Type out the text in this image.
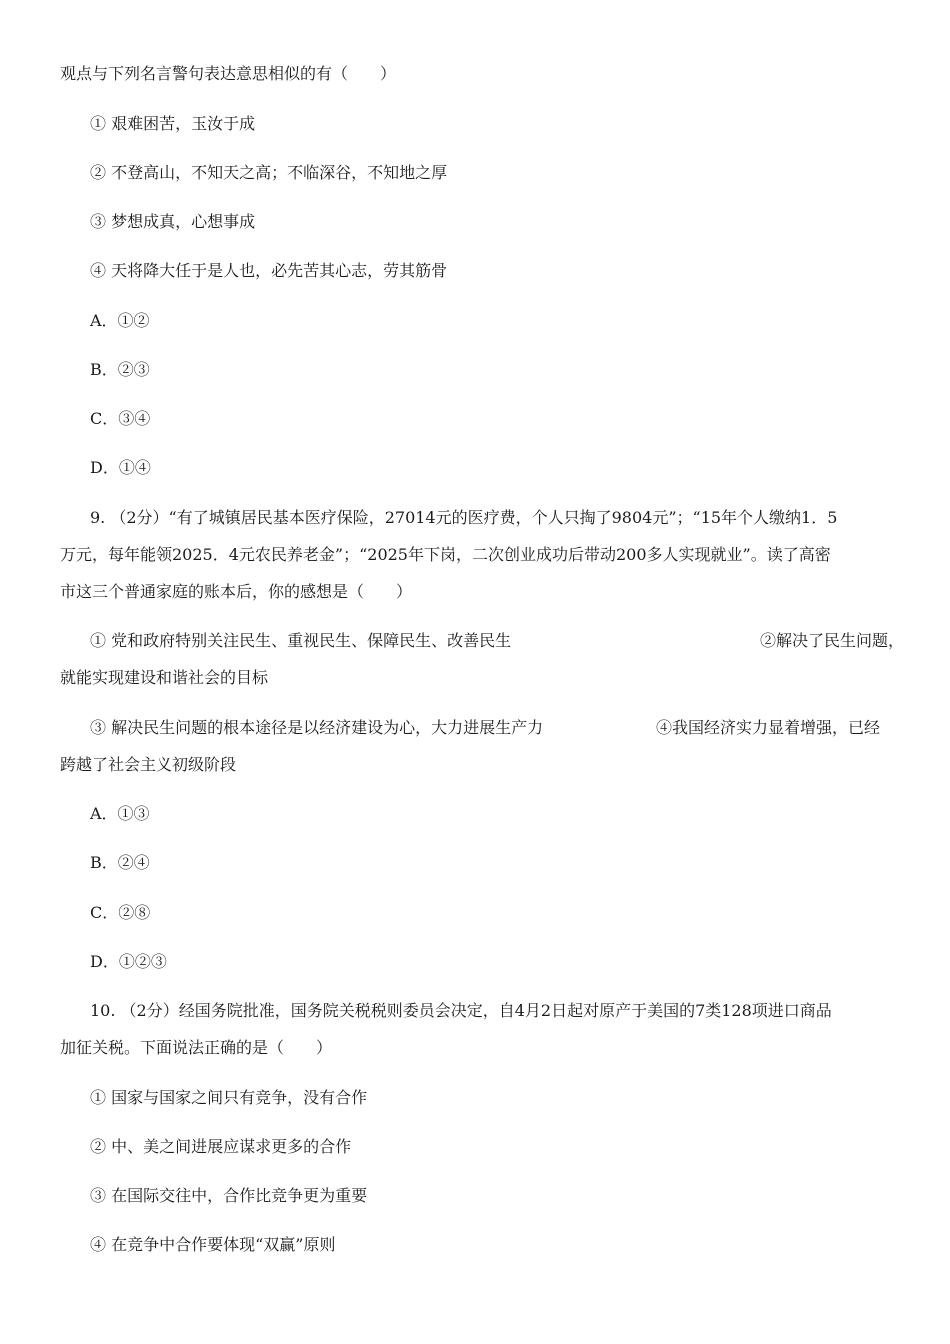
观点与下列名言警句表达意思相似的有（　　）
① 艰难困苦，玉汝于成
② 不登高山，不知天之高；不临深谷，不知地之厚
③ 梦想成真，心想事成
④ 天将降大任于是人也，必先苦其心志，劳其筋骨
A．①②
B．②③
C．③④
D．①④
9. （2分）“有了城镇居民基本医疗保险，27014元的医疗费，个人只掏了9804元”；“15年个人缴纳1．5
万元，每年能领2025．4元农民养老金”；“2025年下岗，二次创业成功后带动200多人实现就业”。读了高密
市这三个普通家庭的账本后，你的感想是（　　）
① 党和政府特别关注民生、重视民生、保障民生、改善民生	②解决了民生问题，
就能实现建设和谐社会的目标
③ 解决民生问题的根本途径是以经济建设为心，大力进展生产力	④我国经济实力显着增强，已经
跨越了社会主义初级阶段
A．①③
B．②④
C．②⑧
D．①②③
10. （2分）经国务院批准，国务院关税税则委员会决定，自4月2日起对原产于美国的7类128项进口商品
加征关税。下面说法正确的是（　　）
① 国家与国家之间只有竞争，没有合作
② 中、美之间进展应谋求更多的合作
③ 在国际交往中，合作比竞争更为重要
④ 在竞争中合作要体现“双赢”原则
